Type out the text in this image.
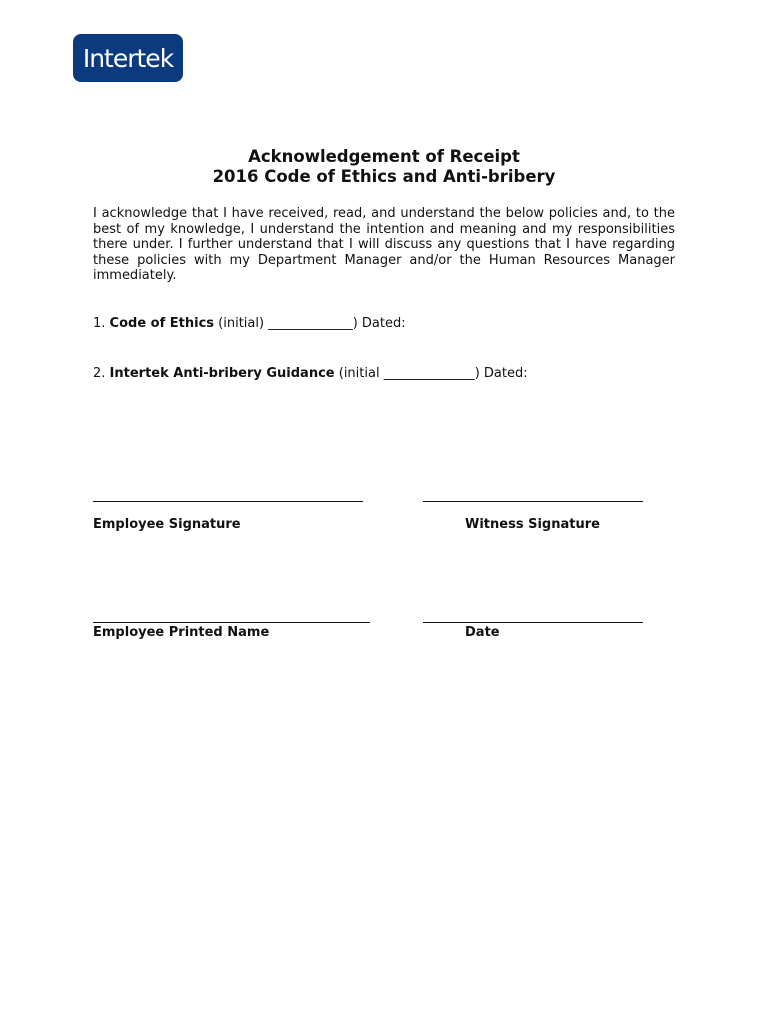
Intertek
Acknowledgement of Receipt
2016 Code of Ethics and Anti-bribery

I acknowledge that I have received, read, and understand the below policies and, to the best of my knowledge, I understand the intention and meaning and my responsibilities there under. I further understand that I will discuss any questions that I have regarding these policies with my Department Manager and/or the Human Resources Manager immediately.

1. Code of Ethics (initial) _____________) Dated:
2. Intertek Anti-bribery Guidance (initial ______________) Dated:
Employee Signature	Witness Signature
Employee Printed Name	Date
